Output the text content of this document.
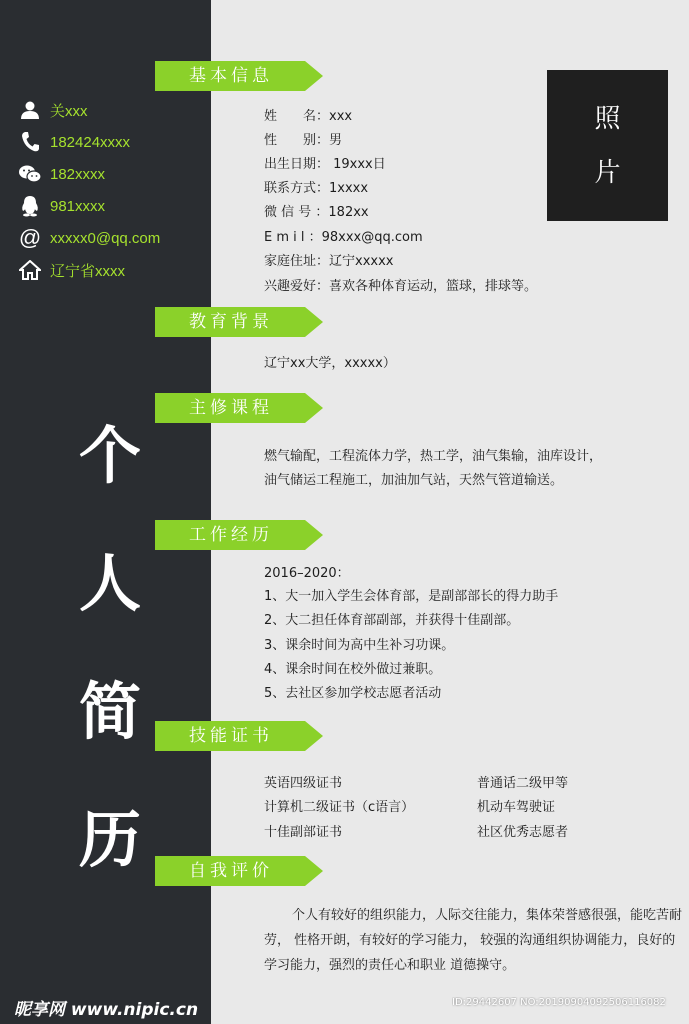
关xxx
182424xxxx
182xxxx
981xxxx
@ xxxxx0@qq.com
辽宁省xxxx
个
人
简
历
照
片
基本信息
姓　　名：xxx
性　　别：男
出生日期： 19xxx日
联系方式：1xxxx
微 信 号 ：182xx
E m i l ：98xxx@qq.com
家庭住址：辽宁xxxxx
兴趣爱好：喜欢各种体育运动，篮球，排球等。
教育背景
辽宁xx大学，xxxxx）
主修课程
燃气输配，工程流体力学，热工学，油气集输，油库设计，
油气储运工程施工，加油加气站，天然气管道输送。
工作经历
2016–2020：
1、大一加入学生会体育部，是副部部长的得力助手
2、大二担任体育部副部，并获得十佳副部。
3、课余时间为高中生补习功课。
4、课余时间在校外做过兼职。
5、去社区参加学校志愿者活动
技能证书
英语四级证书
计算机二级证书（c语言）
十佳副部证书
普通话二级甲等
机动车驾驶证
社区优秀志愿者
自我评价
个人有较好的组织能力，人际交往能力，集体荣誉感很强，能吃苦耐劳， 性格开朗，有较好的学习能力， 较强的沟通组织协调能力，良好的学习能力，强烈的责任心和职业 道德操守。
昵享网 www.nipic.cn	ID:29442607 NO:20190904092506116082
